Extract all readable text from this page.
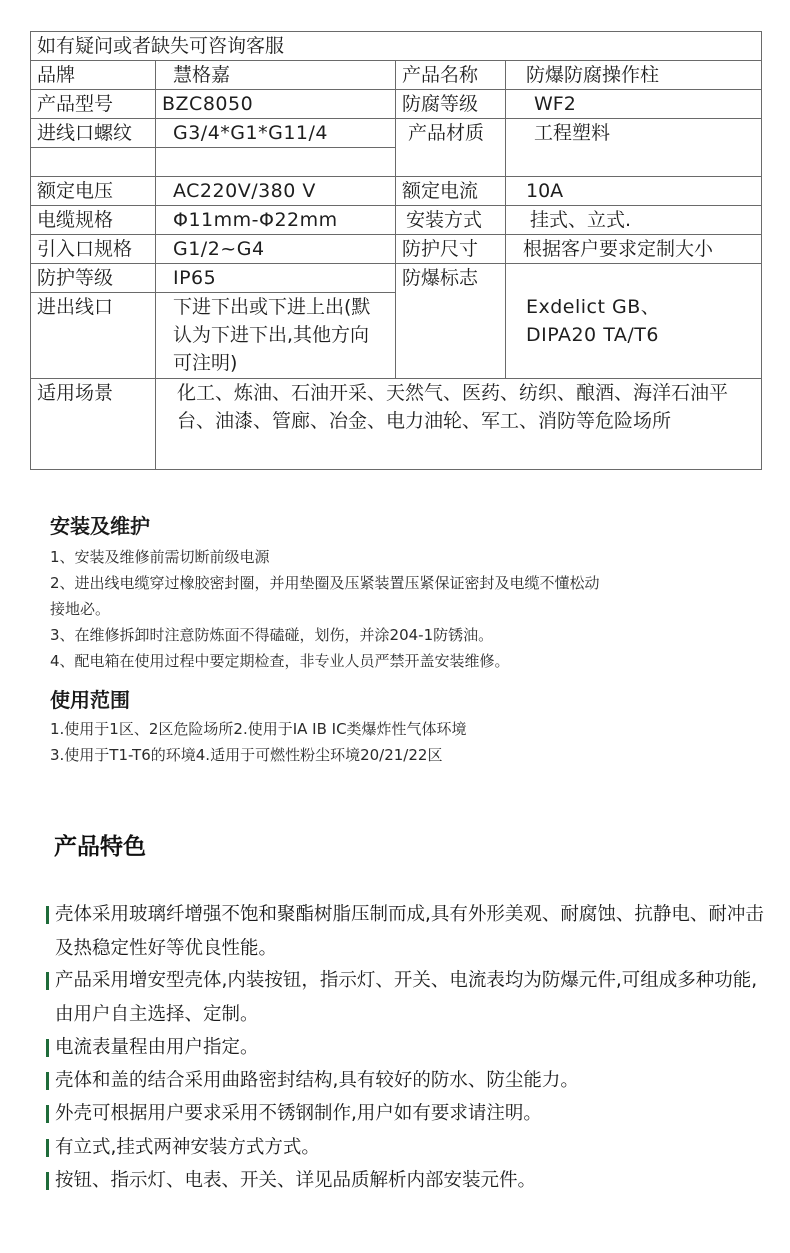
如有疑问或者缺失可咨询客服			
品牌	慧格嘉	产品名称	防爆防腐操作柱
产品型号	BZC8050	防腐等级	WF2
进线口螺纹	G3/4*G1*G11/4	产品材质	工程塑料

额定电压	AC220V/380 V	额定电流	10A
电缆规格	Φ11mm-Φ22mm	安装方式	挂式、立式.
引入口规格	G1/2~G4	防护尺寸	根据客户要求定制大小
防护等级	IP65	防爆标志	Exdelict GB、
DIPA20 TA/T6

进出线口	下进下出或下进上出(默认为下进下出,其他方向可注明)		

适用场景	化工、炼油、石油开采、天然气、医药、纺织、酿酒、海洋石油平台、油漆、管廊、冶金、电力油轮、军工、消防等危险场所		
安装及维护
1、安装及维修前需切断前级电源
2、进出线电缆穿过橡胶密封圈，并用垫圈及压紧装置压紧保证密封及电缆不懂松动
接地必。
3、在维修拆卸时注意防炼面不得磕碰，划伤，并涂204-1防锈油。
4、配电箱在使用过程中要定期检查，非专业人员严禁开盖安装维修。
使用范围
1.使用于1区、2区危险场所2.使用于IA IB IC类爆炸性气体环境
3.使用于T1-T6的环境4.适用于可燃性粉尘环境20/21/22区
产品特色
壳体采用玻璃纤增强不饱和聚酯树脂压制而成,具有外形美观、耐腐蚀、抗静电、耐冲击及热稳定性好等优良性能。
产品采用增安型壳体,内装按钮，指示灯、开关、电流表均为防爆元件,可组成多种功能,由用户自主选择、定制。
电流表量程由用户指定。
壳体和盖的结合采用曲路密封结构,具有较好的防水、防尘能力。
外壳可根据用户要求采用不锈钢制作,用户如有要求请注明。
有立式,挂式两神安装方式方式。
按钮、指示灯、电表、开关、详见品质解析内部安装元件。
